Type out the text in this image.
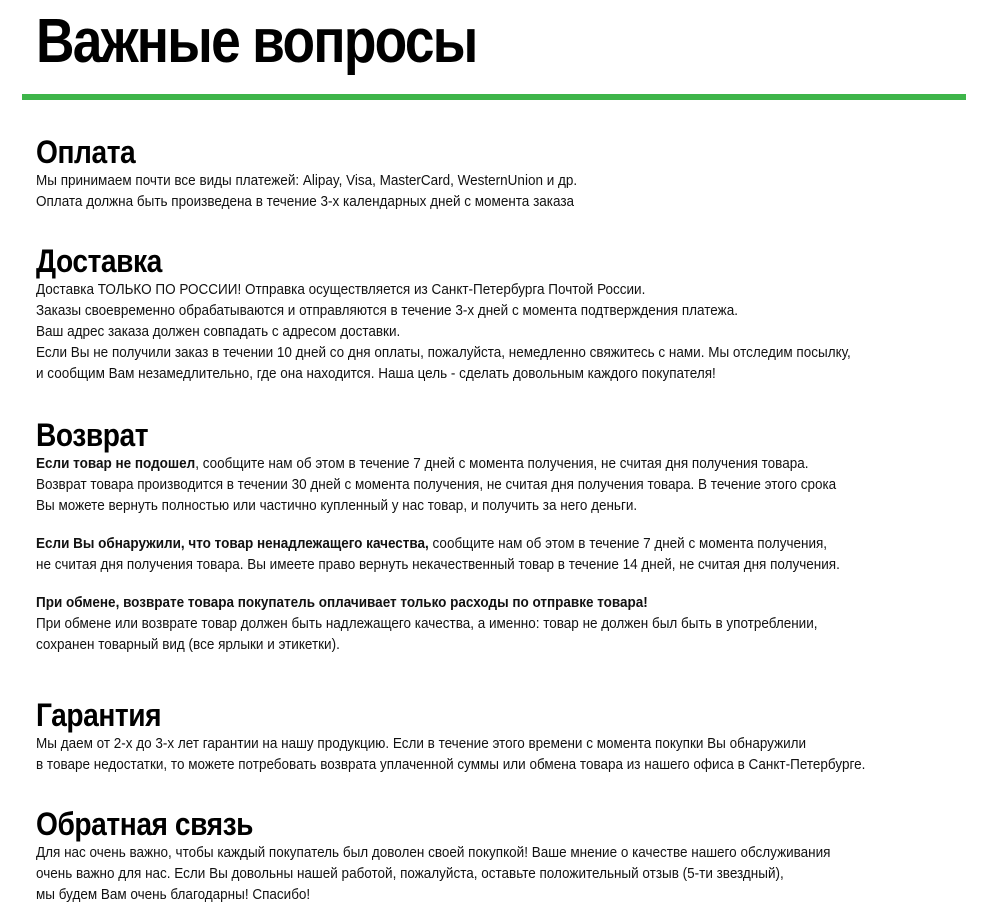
Важные вопросы
Оплата
Мы принимаем почти все виды платежей: Alipay, Visa, MasterCard, WesternUnion и др.
Оплата должна быть произведена в течение 3-х календарных дней с момента заказа
Доставка
Доставка ТОЛЬКО ПО РОССИИ! Отправка осуществляется из Санкт-Петербурга Почтой России.
Заказы своевременно обрабатываются и отправляются в течение 3-х дней с момента подтверждения платежа.
Ваш адрес заказа должен совпадать с адресом доставки.
Если Вы не получили заказ в течении 10 дней со дня оплаты, пожалуйста, немедленно свяжитесь с нами. Мы отследим посылку,
и сообщим Вам незамедлительно, где она находится. Наша цель - сделать довольным каждого покупателя!
Возврат
Если товар не подошел, сообщите нам об этом в течение 7 дней с момента получения, не считая дня получения товара.
Возврат товара производится в течении 30 дней с момента получения, не считая дня получения товара. В течение этого срока
Вы можете вернуть полностью или частично купленный у нас товар, и получить за него деньги.
Если Вы обнаружили, что товар ненадлежащего качества, сообщите нам об этом в течение 7 дней с момента получения,
не считая дня получения товара. Вы имеете право вернуть некачественный товар в течение 14 дней, не считая дня получения.
При обмене, возврате товара покупатель оплачивает только расходы по отправке товара!
При обмене или возврате товар должен быть надлежащего качества, а именно: товар не должен был быть в употреблении,
сохранен товарный вид (все ярлыки и этикетки).
Гарантия
Мы даем от 2-х до 3-х лет гарантии на нашу продукцию. Если в течение этого времени с момента покупки Вы обнаружили
в товаре недостатки, то можете потребовать возврата уплаченной суммы или обмена товара из нашего офиса в Санкт-Петербурге.
Обратная связь
Для нас очень важно, чтобы каждый покупатель был доволен своей покупкой! Ваше мнение о качестве нашего обслуживания
очень важно для нас. Если Вы довольны нашей работой, пожалуйста, оставьте положительный отзыв (5-ти звездный),
мы будем Вам очень благодарны! Спасибо!
